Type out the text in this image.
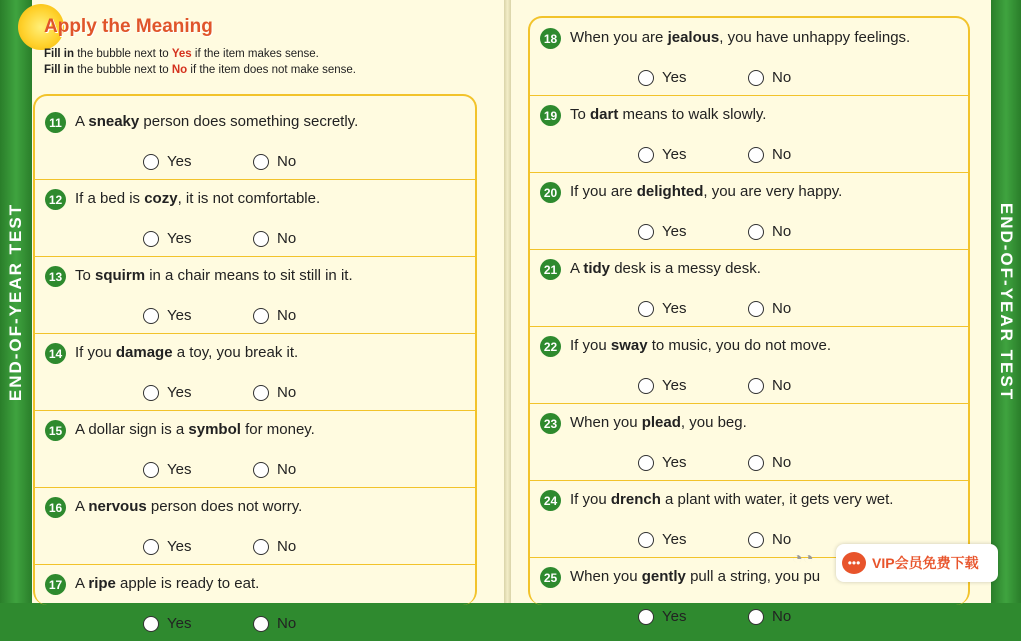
END-OF-YEAR TEST	END-OF-YEAR TEST
Apply the Meaning
Fill in the bubble next to Yes if the item makes sense.
Fill in the bubble next to No if the item does not make sense.
11 A sneaky person does something secretly.
Yes	No
12 If a bed is cozy, it is not comfortable.
Yes	No
13 To squirm in a chair means to sit still in it.
Yes	No
14 If you damage a toy, you break it.
Yes	No
15 A dollar sign is a symbol for money.
Yes	No
16 A nervous person does not worry.
Yes	No
17 A ripe apple is ready to eat.
Yes	No
18 When you are jealous, you have unhappy feelings.
Yes	No
19 To dart means to walk slowly.
Yes	No
20 If you are delighted, you are very happy.
Yes	No
21 A tidy desk is a messy desk.
Yes	No
22 If you sway to music, you do not move.
Yes	No
23 When you plead, you beg.
Yes	No
24 If you drench a plant with water, it gets very wet.
Yes	No
25 When you gently pull a string, you pu
Yes	No
◔◔	••• VIP会员免费下载
